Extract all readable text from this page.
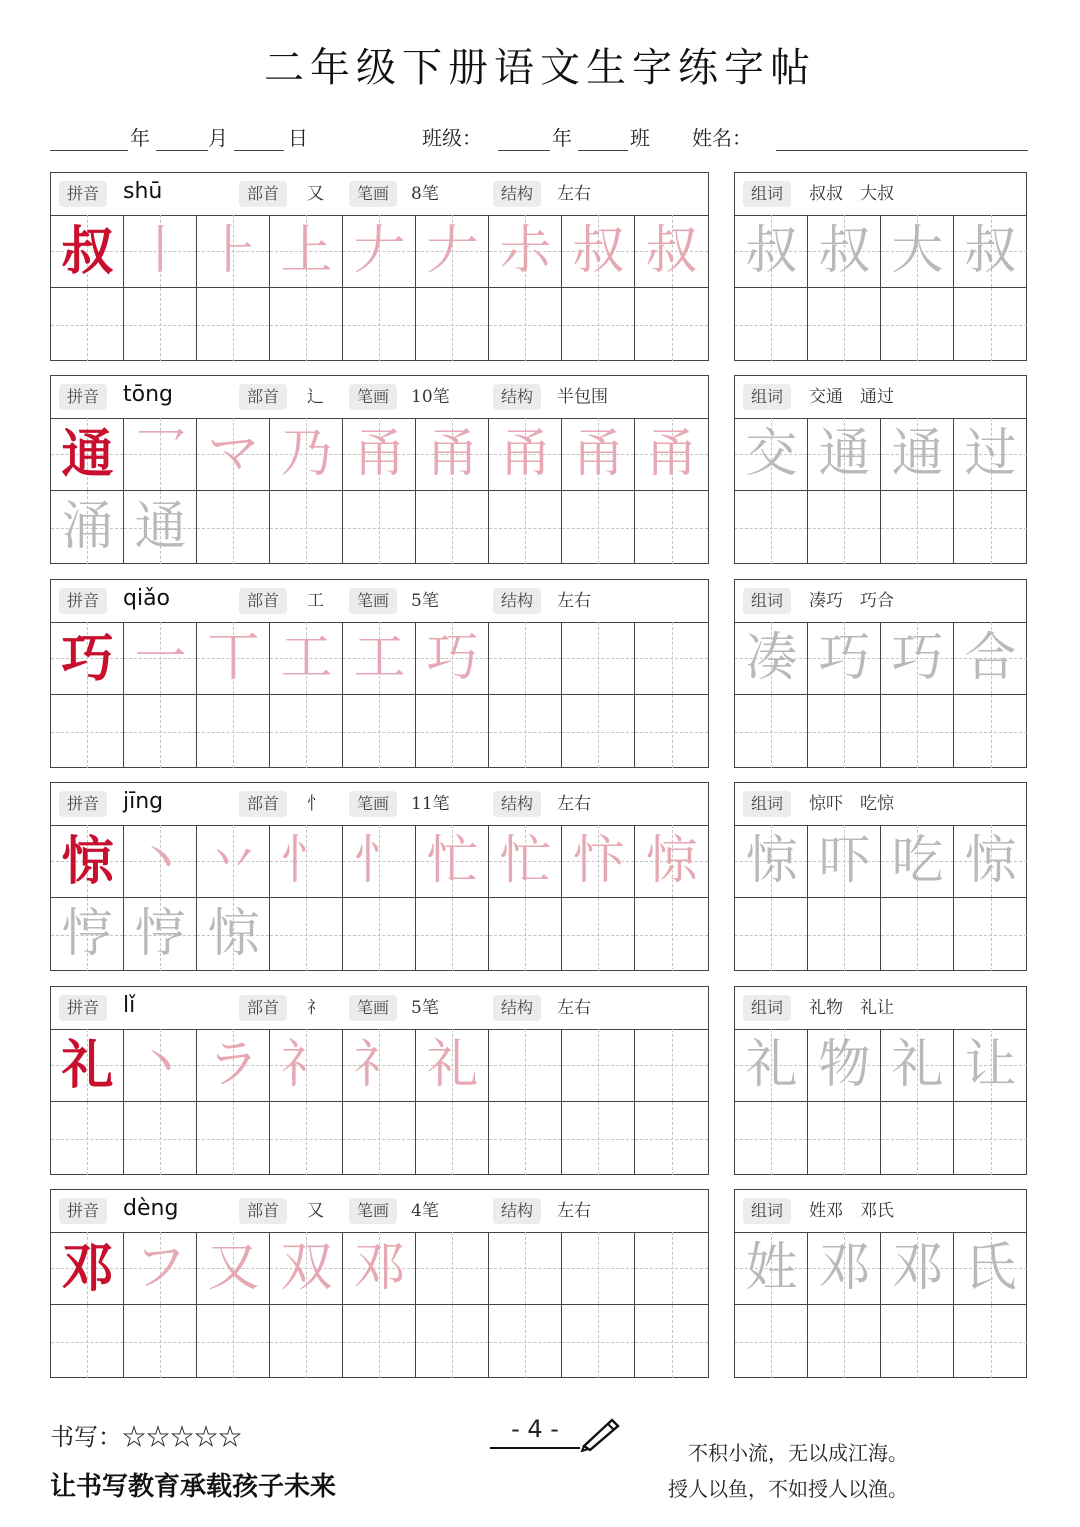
二年级下册语文生字练字帖
年	月	日	班级：	年	班 姓名：
拼音	shū	部首	又	笔画	8笔	结构	左右
叔 丨 ⺊ 上 𠂇 𠂇 尗 叔 叔
组词	叔叔　大叔
叔 叔 大 叔
拼音	tōng	部首	辶	笔画	10笔	结构	半包围
通 乛 マ 乃 甬 甬 甬 甬 甬
涌 通
组词	交通　通过
交 通 通 过
拼音	qiǎo	部首	工	笔画	5笔	结构	左右
巧 一 丅 工 工 巧
组词	凑巧　巧合
凑 巧 巧 合
拼音	jīng	部首	忄	笔画	11笔	结构	左右
惊 丶 丷 忄 忄 忙 忙 忭 惊
悙 悙 惊
组词	惊吓　吃惊
惊 吓 吃 惊
拼音	lǐ	部首	礻	笔画	5笔	结构	左右
礼 丶 ラ 礻 礻 礼
组词	礼物　礼让
礼 物 礼 让
拼音	dèng	部首	又	笔画	4笔	结构	左右
邓 フ 又 双 邓
组词	姓邓　邓氏
姓 邓 邓 氏
书写：☆☆☆☆☆
让书写教育承载孩子未来
- 4 -
不积小流，无以成江海。
授人以鱼，不如授人以渔。
